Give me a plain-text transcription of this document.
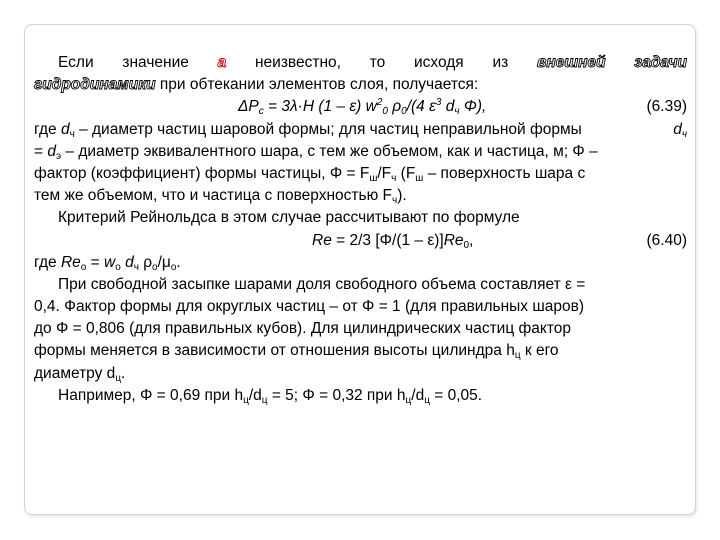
Если значение а неизвестно, то исходя из внешней задачи
гидродинамики при обтекании элементов слоя, получается:
$\Delta P_c = 3\lambda\cdot H$ (1 – ε) $w^2_0$ $\rho_0/(4$ $\varepsilon^3$ $d_ч$ Φ),	(6.39)
где $d_ч$ – диаметр частиц шаровой формы; для частиц неправильной формы	$d_ч$
= $d_э$ – диаметр эквивалентного шара, с тем же объемом, как и частица, м; Φ –
фактор (коэффициент) формы частицы, $\Phi = F_ш/F_ч$ ($F_ш$ – поверхность шара с
тем же объемом, что и частица с поверхностью $F_ч$).
Критерий Рейнольдса в этом случае рассчитывают по формуле
Re = 2/3 $[\Phi/(1 - \varepsilon)]Re_0$,	(6.40)
где $Re_о = w_о$ $d_ч$ $\rho_о/\mu_о$.
При свободной засыпке шарами доля свободного объема составляет ε =
0,4. Фактор формы для округлых частиц – от Φ = 1 (для правильных шаров)
до Φ = 0,806 (для правильных кубов). Для цилиндрических частиц фактор
формы меняется в зависимости от отношения высоты цилиндра $h_ц$ к его
диаметру $d_ц$.
Например, Φ = 0,69 при $h_ц/d_ц = 5$; Φ = 0,32 при $h_ц/d_ц = 0,05$.
